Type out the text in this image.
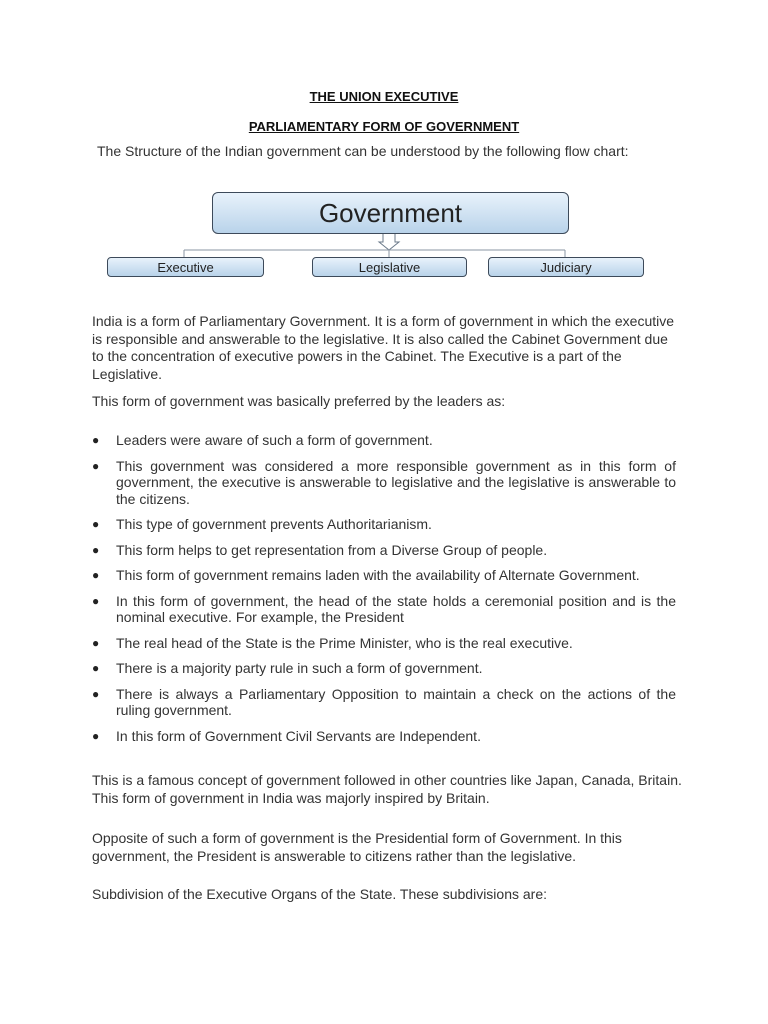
THE UNION EXECUTIVE
PARLIAMENTARY FORM OF GOVERNMENT
The Structure of the Indian government can be understood by the following flow chart:
Government
Executive	Legislative	Judiciary

India is a form of Parliamentary Government. It is a form of government in which the executive is responsible and answerable to the legislative. It is also called the Cabinet Government due to the concentration of executive powers in the Cabinet. The Executive is a part of the Legislative.

This form of government was basically preferred by the leaders as:

● Leaders were aware of such a form of government.
● This government was considered a more responsible government as in this form of government, the executive is answerable to legislative and the legislative is answerable to the citizens.
● This type of government prevents Authoritarianism.
● This form helps to get representation from a Diverse Group of people.
● This form of government remains laden with the availability of Alternate Government.
● In this form of government, the head of the state holds a ceremonial position and is the nominal executive. For example, the President
● The real head of the State is the Prime Minister, who is the real executive.
● There is a majority party rule in such a form of government.
● There is always a Parliamentary Opposition to maintain a check on the actions of the ruling government.
● In this form of Government Civil Servants are Independent.

This is a famous concept of government followed in other countries like Japan, Canada, Britain. This form of government in India was majorly inspired by Britain.

Opposite of such a form of government is the Presidential form of Government. In this government, the President is answerable to citizens rather than the legislative.

Subdivision of the Executive Organs of the State. These subdivisions are:
